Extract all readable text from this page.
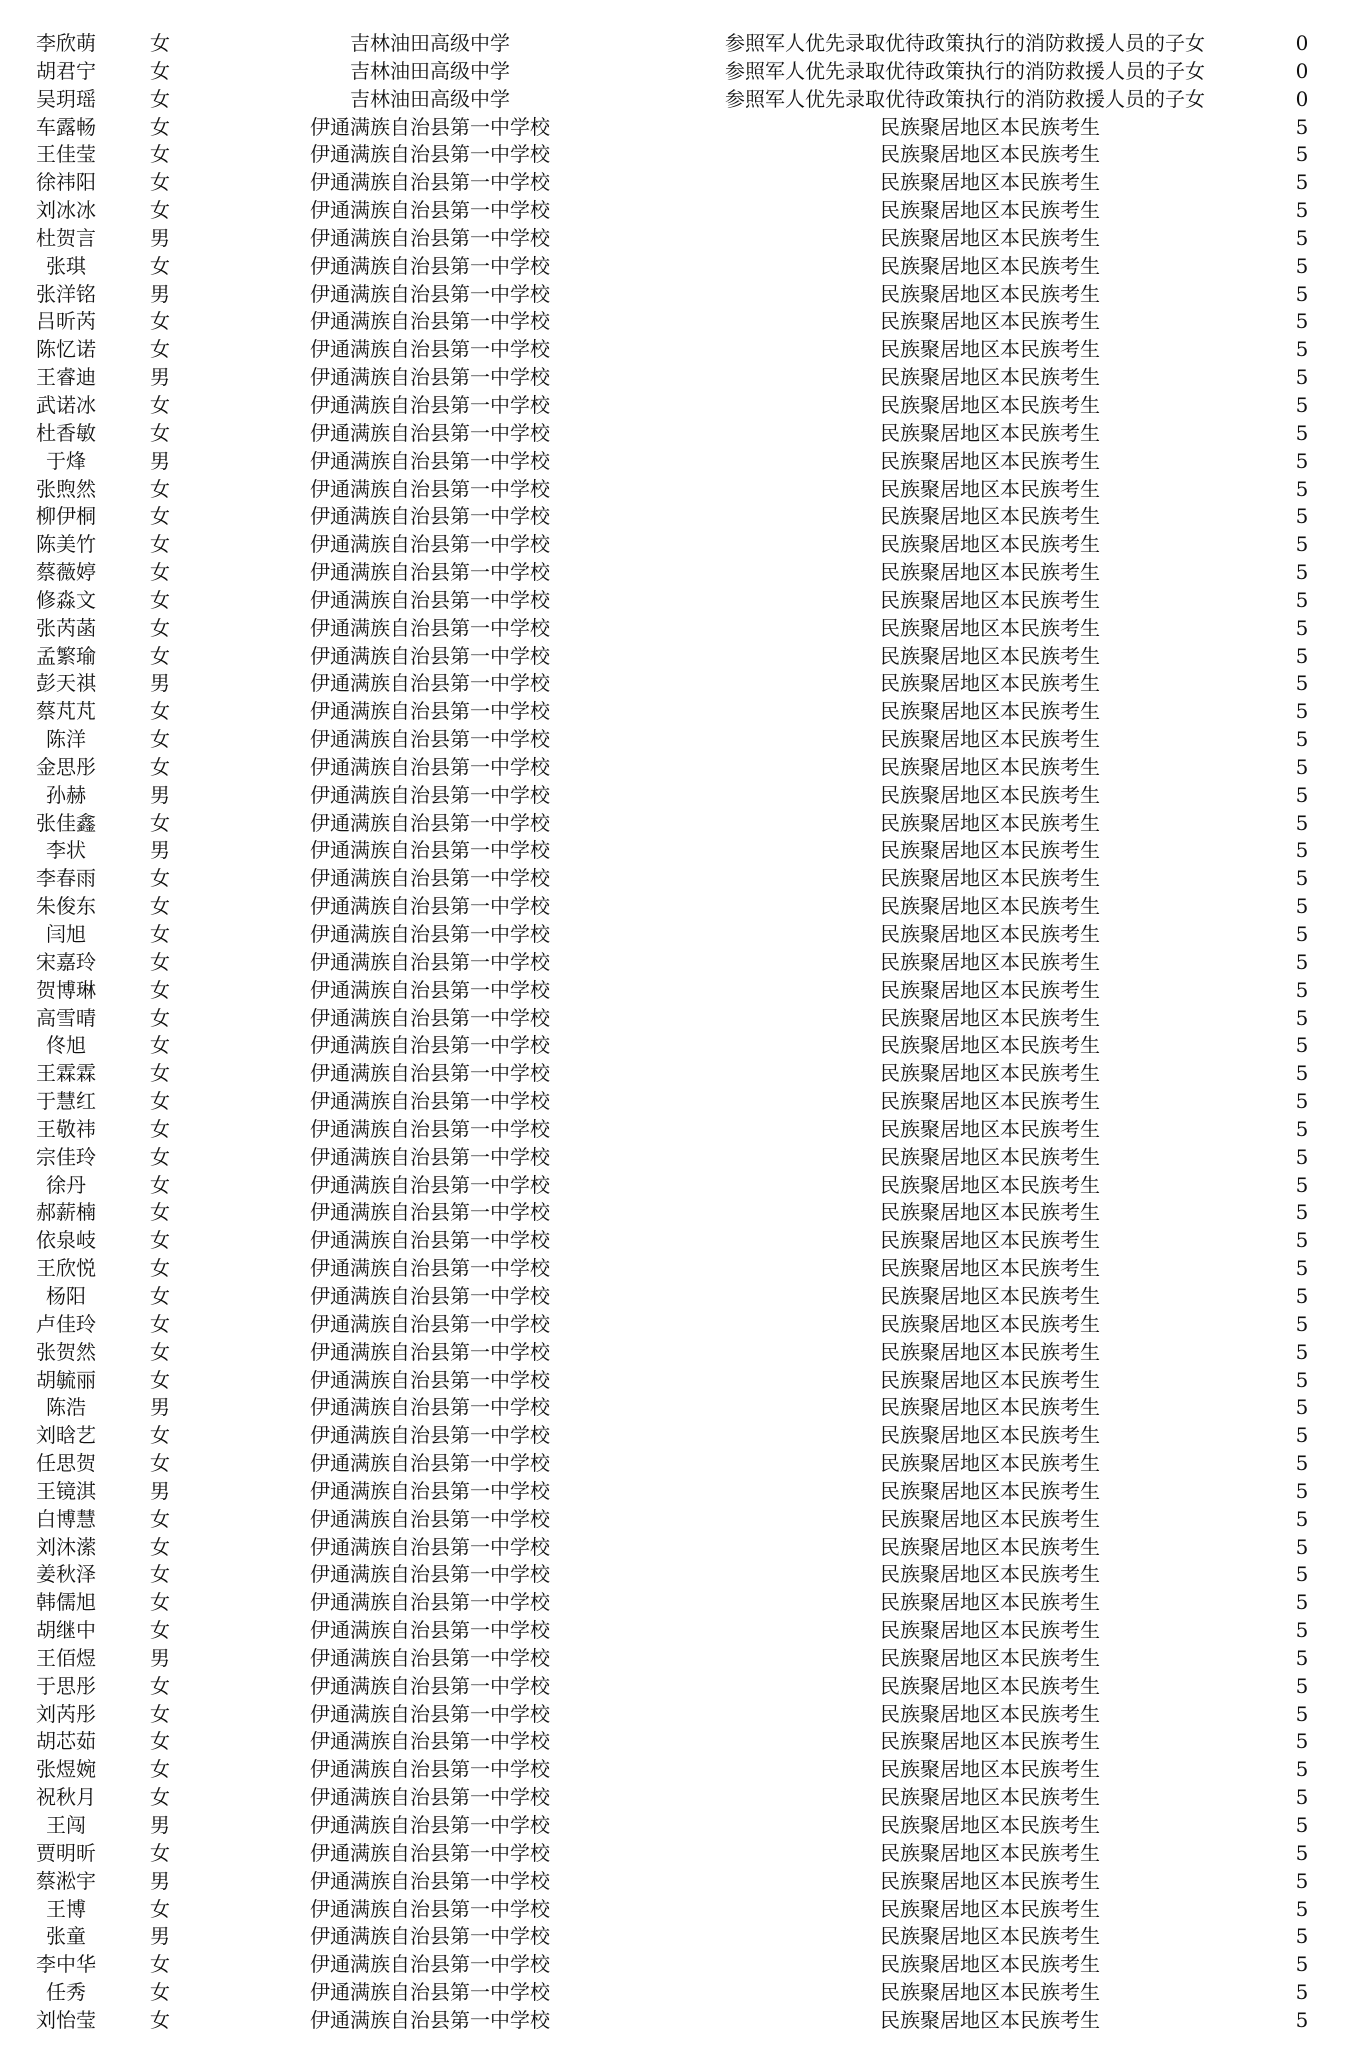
李欣萌	女	吉林油田高级中学	参照军人优先录取优待政策执行的消防救援人员的子女	0
胡君宁	女	吉林油田高级中学	参照军人优先录取优待政策执行的消防救援人员的子女	0
吴玥瑶	女	吉林油田高级中学	参照军人优先录取优待政策执行的消防救援人员的子女	0
车露畅	女	伊通满族自治县第一中学校	民族聚居地区本民族考生	5
王佳莹	女	伊通满族自治县第一中学校	民族聚居地区本民族考生	5
徐祎阳	女	伊通满族自治县第一中学校	民族聚居地区本民族考生	5
刘冰冰	女	伊通满族自治县第一中学校	民族聚居地区本民族考生	5
杜贺言	男	伊通满族自治县第一中学校	民族聚居地区本民族考生	5
张琪	女	伊通满族自治县第一中学校	民族聚居地区本民族考生	5
张洋铭	男	伊通满族自治县第一中学校	民族聚居地区本民族考生	5
吕昕芮	女	伊通满族自治县第一中学校	民族聚居地区本民族考生	5
陈忆诺	女	伊通满族自治县第一中学校	民族聚居地区本民族考生	5
王睿迪	男	伊通满族自治县第一中学校	民族聚居地区本民族考生	5
武诺冰	女	伊通满族自治县第一中学校	民族聚居地区本民族考生	5
杜香敏	女	伊通满族自治县第一中学校	民族聚居地区本民族考生	5
于烽	男	伊通满族自治县第一中学校	民族聚居地区本民族考生	5
张煦然	女	伊通满族自治县第一中学校	民族聚居地区本民族考生	5
柳伊桐	女	伊通满族自治县第一中学校	民族聚居地区本民族考生	5
陈美竹	女	伊通满族自治县第一中学校	民族聚居地区本民族考生	5
蔡薇婷	女	伊通满族自治县第一中学校	民族聚居地区本民族考生	5
修淼文	女	伊通满族自治县第一中学校	民族聚居地区本民族考生	5
张芮菡	女	伊通满族自治县第一中学校	民族聚居地区本民族考生	5
孟繁瑜	女	伊通满族自治县第一中学校	民族聚居地区本民族考生	5
彭天祺	男	伊通满族自治县第一中学校	民族聚居地区本民族考生	5
蔡芃芃	女	伊通满族自治县第一中学校	民族聚居地区本民族考生	5
陈洋	女	伊通满族自治县第一中学校	民族聚居地区本民族考生	5
金思彤	女	伊通满族自治县第一中学校	民族聚居地区本民族考生	5
孙赫	男	伊通满族自治县第一中学校	民族聚居地区本民族考生	5
张佳鑫	女	伊通满族自治县第一中学校	民族聚居地区本民族考生	5
李状	男	伊通满族自治县第一中学校	民族聚居地区本民族考生	5
李春雨	女	伊通满族自治县第一中学校	民族聚居地区本民族考生	5
朱俊东	女	伊通满族自治县第一中学校	民族聚居地区本民族考生	5
闫旭	女	伊通满族自治县第一中学校	民族聚居地区本民族考生	5
宋嘉玲	女	伊通满族自治县第一中学校	民族聚居地区本民族考生	5
贺博琳	女	伊通满族自治县第一中学校	民族聚居地区本民族考生	5
高雪晴	女	伊通满族自治县第一中学校	民族聚居地区本民族考生	5
佟旭	女	伊通满族自治县第一中学校	民族聚居地区本民族考生	5
王霖霖	女	伊通满族自治县第一中学校	民族聚居地区本民族考生	5
于慧红	女	伊通满族自治县第一中学校	民族聚居地区本民族考生	5
王敬祎	女	伊通满族自治县第一中学校	民族聚居地区本民族考生	5
宗佳玲	女	伊通满族自治县第一中学校	民族聚居地区本民族考生	5
徐丹	女	伊通满族自治县第一中学校	民族聚居地区本民族考生	5
郝薪楠	女	伊通满族自治县第一中学校	民族聚居地区本民族考生	5
依泉岐	女	伊通满族自治县第一中学校	民族聚居地区本民族考生	5
王欣悦	女	伊通满族自治县第一中学校	民族聚居地区本民族考生	5
杨阳	女	伊通满族自治县第一中学校	民族聚居地区本民族考生	5
卢佳玲	女	伊通满族自治县第一中学校	民族聚居地区本民族考生	5
张贺然	女	伊通满族自治县第一中学校	民族聚居地区本民族考生	5
胡毓丽	女	伊通满族自治县第一中学校	民族聚居地区本民族考生	5
陈浩	男	伊通满族自治县第一中学校	民族聚居地区本民族考生	5
刘晗艺	女	伊通满族自治县第一中学校	民族聚居地区本民族考生	5
任思贺	女	伊通满族自治县第一中学校	民族聚居地区本民族考生	5
王镜淇	男	伊通满族自治县第一中学校	民族聚居地区本民族考生	5
白博慧	女	伊通满族自治县第一中学校	民族聚居地区本民族考生	5
刘沐潆	女	伊通满族自治县第一中学校	民族聚居地区本民族考生	5
姜秋泽	女	伊通满族自治县第一中学校	民族聚居地区本民族考生	5
韩儒旭	女	伊通满族自治县第一中学校	民族聚居地区本民族考生	5
胡继中	女	伊通满族自治县第一中学校	民族聚居地区本民族考生	5
王佰煜	男	伊通满族自治县第一中学校	民族聚居地区本民族考生	5
于思彤	女	伊通满族自治县第一中学校	民族聚居地区本民族考生	5
刘芮彤	女	伊通满族自治县第一中学校	民族聚居地区本民族考生	5
胡芯茹	女	伊通满族自治县第一中学校	民族聚居地区本民族考生	5
张煜婉	女	伊通满族自治县第一中学校	民族聚居地区本民族考生	5
祝秋月	女	伊通满族自治县第一中学校	民族聚居地区本民族考生	5
王闯	男	伊通满族自治县第一中学校	民族聚居地区本民族考生	5
贾明昕	女	伊通满族自治县第一中学校	民族聚居地区本民族考生	5
蔡淞宇	男	伊通满族自治县第一中学校	民族聚居地区本民族考生	5
王博	女	伊通满族自治县第一中学校	民族聚居地区本民族考生	5
张童	男	伊通满族自治县第一中学校	民族聚居地区本民族考生	5
李中华	女	伊通满族自治县第一中学校	民族聚居地区本民族考生	5
任秀	女	伊通满族自治县第一中学校	民族聚居地区本民族考生	5
刘怡莹	女	伊通满族自治县第一中学校	民族聚居地区本民族考生	5
